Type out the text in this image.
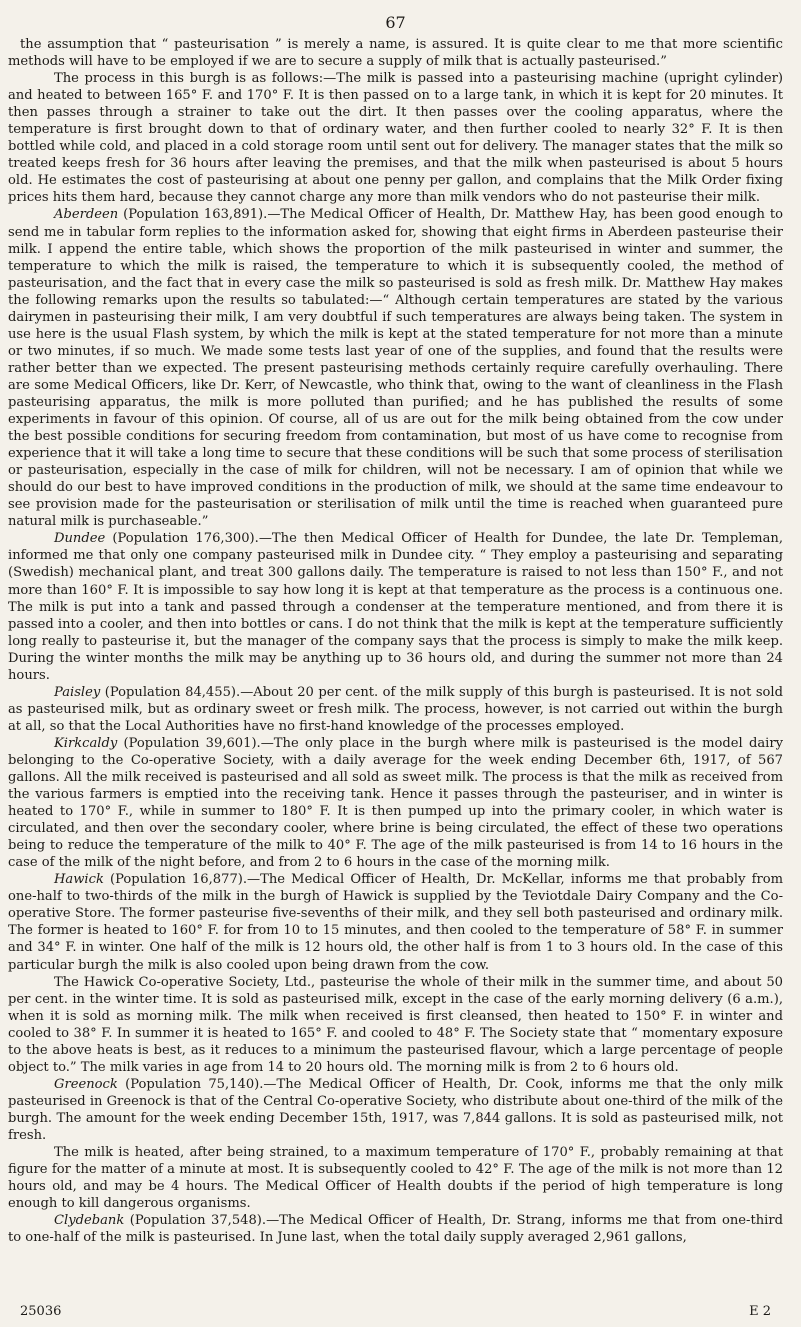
67

the assumption that “ pasteurisation ” is merely a name, is assured. It is quite clear to me that more scientific methods will have to be employed if we are to secure a supply of milk that is actually pasteurised.”

The process in this burgh is as follows:—The milk is passed into a pasteurising machine (upright cylinder) and heated to between 165° F. and 170° F. It is then passed on to a large tank, in which it is kept for 20 minutes. It then passes through a strainer to take out the dirt. It then passes over the cooling apparatus, where the temperature is first brought down to that of ordinary water, and then further cooled to nearly 32° F. It is then bottled while cold, and placed in a cold storage room until sent out for delivery. The manager states that the milk so treated keeps fresh for 36 hours after leaving the premises, and that the milk when pasteurised is about 5 hours old. He estimates the cost of pasteurising at about one penny per gallon, and complains that the Milk Order fixing prices hits them hard, because they cannot charge any more than milk vendors who do not pasteurise their milk.

Aberdeen (Population 163,891).—The Medical Officer of Health, Dr. Matthew Hay, has been good enough to send me in tabular form replies to the information asked for, showing that eight firms in Aberdeen pasteurise their milk. I append the entire table, which shows the proportion of the milk pasteurised in winter and summer, the temperature to which the milk is raised, the temperature to which it is subsequently cooled, the method of pasteurisation, and the fact that in every case the milk so pasteurised is sold as fresh milk. Dr. Matthew Hay makes the following remarks upon the results so tabulated:—“ Although certain temperatures are stated by the various dairymen in pasteurising their milk, I am very doubtful if such temperatures are always being taken. The system in use here is the usual Flash system, by which the milk is kept at the stated temperature for not more than a minute or two minutes, if so much. We made some tests last year of one of the supplies, and found that the results were rather better than we expected. The present pasteurising methods certainly require carefully overhauling. There are some Medical Officers, like Dr. Kerr, of Newcastle, who think that, owing to the want of cleanliness in the Flash pasteurising apparatus, the milk is more polluted than purified; and he has published the results of some experiments in favour of this opinion. Of course, all of us are out for the milk being obtained from the cow under the best possible conditions for securing freedom from contamination, but most of us have come to recognise from experience that it will take a long time to secure that these conditions will be such that some process of sterilisation or pasteurisation, especially in the case of milk for children, will not be necessary. I am of opinion that while we should do our best to have improved conditions in the production of milk, we should at the same time endeavour to see provision made for the pasteurisation or sterilisation of milk until the time is reached when guaranteed pure natural milk is purchaseable.”

Dundee (Population 176,300).—The then Medical Officer of Health for Dundee, the late Dr. Templeman, informed me that only one company pasteurised milk in Dundee city. “ They employ a pasteurising and separating (Swedish) mechanical plant, and treat 300 gallons daily. The temperature is raised to not less than 150° F., and not more than 160° F. It is impossible to say how long it is kept at that temperature as the process is a continuous one. The milk is put into a tank and passed through a condenser at the temperature mentioned, and from there it is passed into a cooler, and then into bottles or cans. I do not think that the milk is kept at the temperature sufficiently long really to pasteurise it, but the manager of the company says that the process is simply to make the milk keep. During the winter months the milk may be anything up to 36 hours old, and during the summer not more than 24 hours.

Paisley (Population 84,455).—About 20 per cent. of the milk supply of this burgh is pasteurised. It is not sold as pasteurised milk, but as ordinary sweet or fresh milk. The process, however, is not carried out within the burgh at all, so that the Local Authorities have no first-hand knowledge of the processes employed.

Kirkcaldy (Population 39,601).—The only place in the burgh where milk is pasteurised is the model dairy belonging to the Co-operative Society, with a daily average for the week ending December 6th, 1917, of 567 gallons. All the milk received is pasteurised and all sold as sweet milk. The process is that the milk as received from the various farmers is emptied into the receiving tank. Hence it passes through the pasteuriser, and in winter is heated to 170° F., while in summer to 180° F. It is then pumped up into the primary cooler, in which water is circulated, and then over the secondary cooler, where brine is being circulated, the effect of these two operations being to reduce the temperature of the milk to 40° F. The age of the milk pasteurised is from 14 to 16 hours in the case of the milk of the night before, and from 2 to 6 hours in the case of the morning milk.

Hawick (Population 16,877).—The Medical Officer of Health, Dr. McKellar, informs me that probably from one-half to two-thirds of the milk in the burgh of Hawick is supplied by the Teviotdale Dairy Company and the Co-operative Store. The former pasteurise five-sevenths of their milk, and they sell both pasteurised and ordinary milk. The former is heated to 160° F. for from 10 to 15 minutes, and then cooled to the temperature of 58° F. in summer and 34° F. in winter. One half of the milk is 12 hours old, the other half is from 1 to 3 hours old. In the case of this particular burgh the milk is also cooled upon being drawn from the cow.

The Hawick Co-operative Society, Ltd., pasteurise the whole of their milk in the summer time, and about 50 per cent. in the winter time. It is sold as pasteurised milk, except in the case of the early morning delivery (6 a.m.), when it is sold as morning milk. The milk when received is first cleansed, then heated to 150° F. in winter and cooled to 38° F. In summer it is heated to 165° F. and cooled to 48° F. The Society state that “ momentary exposure to the above heats is best, as it reduces to a minimum the pasteurised flavour, which a large percentage of people object to.” The milk varies in age from 14 to 20 hours old. The morning milk is from 2 to 6 hours old.

Greenock (Population 75,140).—The Medical Officer of Health, Dr. Cook, informs me that the only milk pasteurised in Greenock is that of the Central Co-operative Society, who distribute about one-third of the milk of the burgh. The amount for the week ending December 15th, 1917, was 7,844 gallons. It is sold as pasteurised milk, not fresh.

The milk is heated, after being strained, to a maximum temperature of 170° F., probably remaining at that figure for the matter of a minute at most. It is subsequently cooled to 42° F. The age of the milk is not more than 12 hours old, and may be 4 hours. The Medical Officer of Health doubts if the period of high temperature is long enough to kill dangerous organisms.

Clydebank (Population 37,548).—The Medical Officer of Health, Dr. Strang, informs me that from one-third to one-half of the milk is pasteurised. In June last, when the total daily supply averaged 2,961 gallons,

25036	E 2
